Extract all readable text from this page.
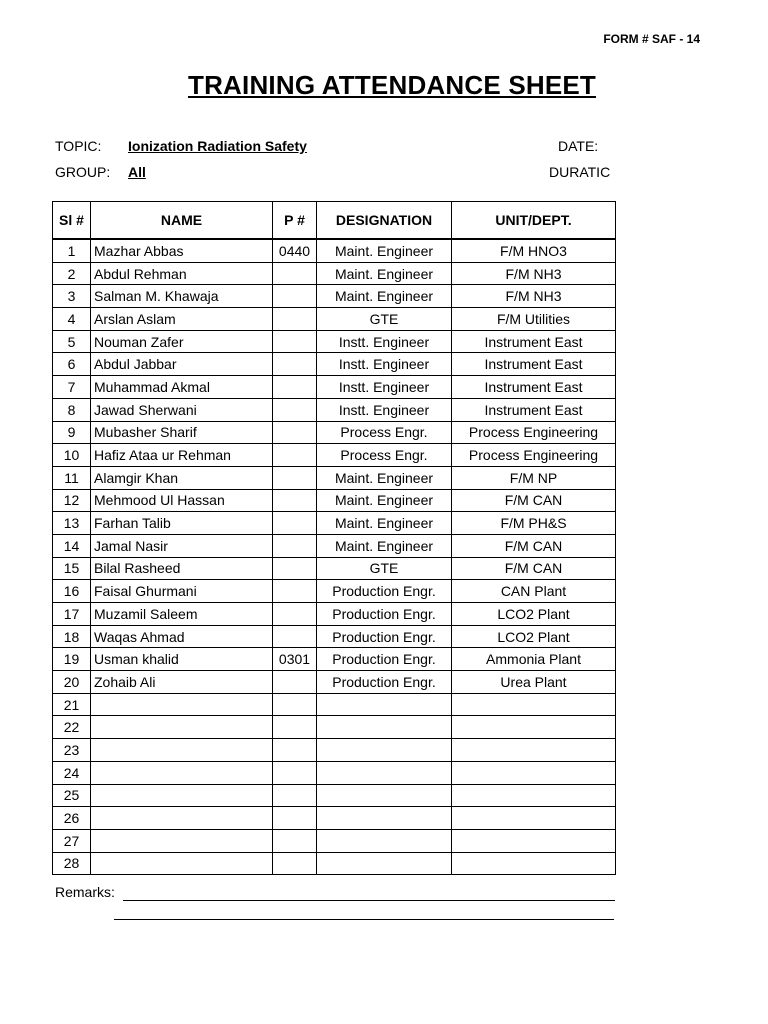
FORM # SAF - 14
TRAINING ATTENDANCE SHEET
TOPIC: Ionization Radiation Safety
GROUP: All
DATE:
DURATIC
Sl #	NAME	P #	DESIGNATION	UNIT/DEPT.
1	Mazhar Abbas	0440	Maint. Engineer	F/M HNO3
2	Abdul Rehman		Maint. Engineer	F/M NH3
3	Salman M. Khawaja		Maint. Engineer	F/M NH3
4	Arslan Aslam		GTE	F/M Utilities
5	Nouman Zafer		Instt. Engineer	Instrument East
6	Abdul Jabbar		Instt. Engineer	Instrument East
7	Muhammad Akmal		Instt. Engineer	Instrument East
8	Jawad Sherwani		Instt. Engineer	Instrument East
9	Mubasher Sharif		Process Engr.	Process Engineering
10	Hafiz Ataa ur Rehman		Process Engr.	Process Engineering
11	Alamgir Khan		Maint. Engineer	F/M NP
12	Mehmood Ul Hassan		Maint. Engineer	F/M CAN
13	Farhan Talib		Maint. Engineer	F/M PH&S
14	Jamal Nasir		Maint. Engineer	F/M CAN
15	Bilal Rasheed		GTE	F/M CAN
16	Faisal Ghurmani		Production Engr.	CAN Plant
17	Muzamil Saleem		Production Engr.	LCO2 Plant
18	Waqas Ahmad		Production Engr.	LCO2 Plant
19	Usman khalid	0301	Production Engr.	Ammonia Plant
20	Zohaib Ali		Production Engr.	Urea Plant
21				
22				
23				
24				
25				
26				
27				
28				
Remarks:
